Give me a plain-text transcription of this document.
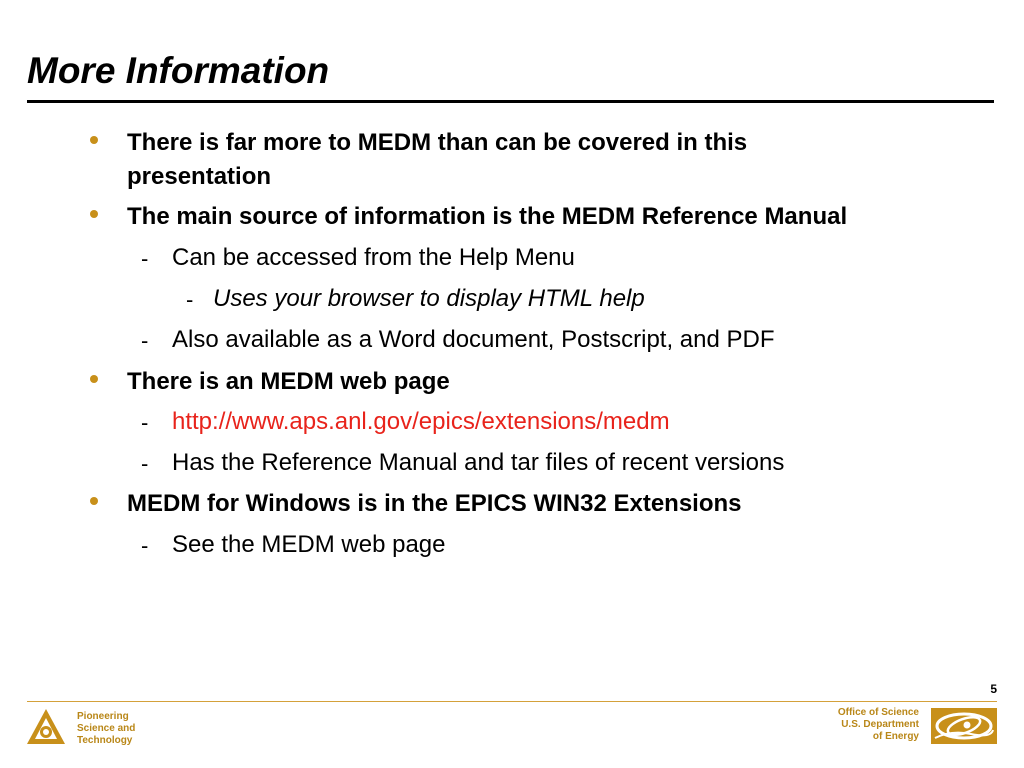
More Information
There is far more to MEDM than can be covered in this
presentation
The main source of information is the MEDM Reference Manual
- Can be accessed from the Help Menu
- Uses your browser to display HTML help
- Also available as a Word document, Postscript, and PDF
There is an MEDM web page
- http://www.aps.anl.gov/epics/extensions/medm
- Has the Reference Manual and tar files of recent versions
MEDM for Windows is in the EPICS WIN32 Extensions
- See the MEDM web page
5
Pioneering
Science and
Technology
Office of Science
U.S. Department
of Energy
